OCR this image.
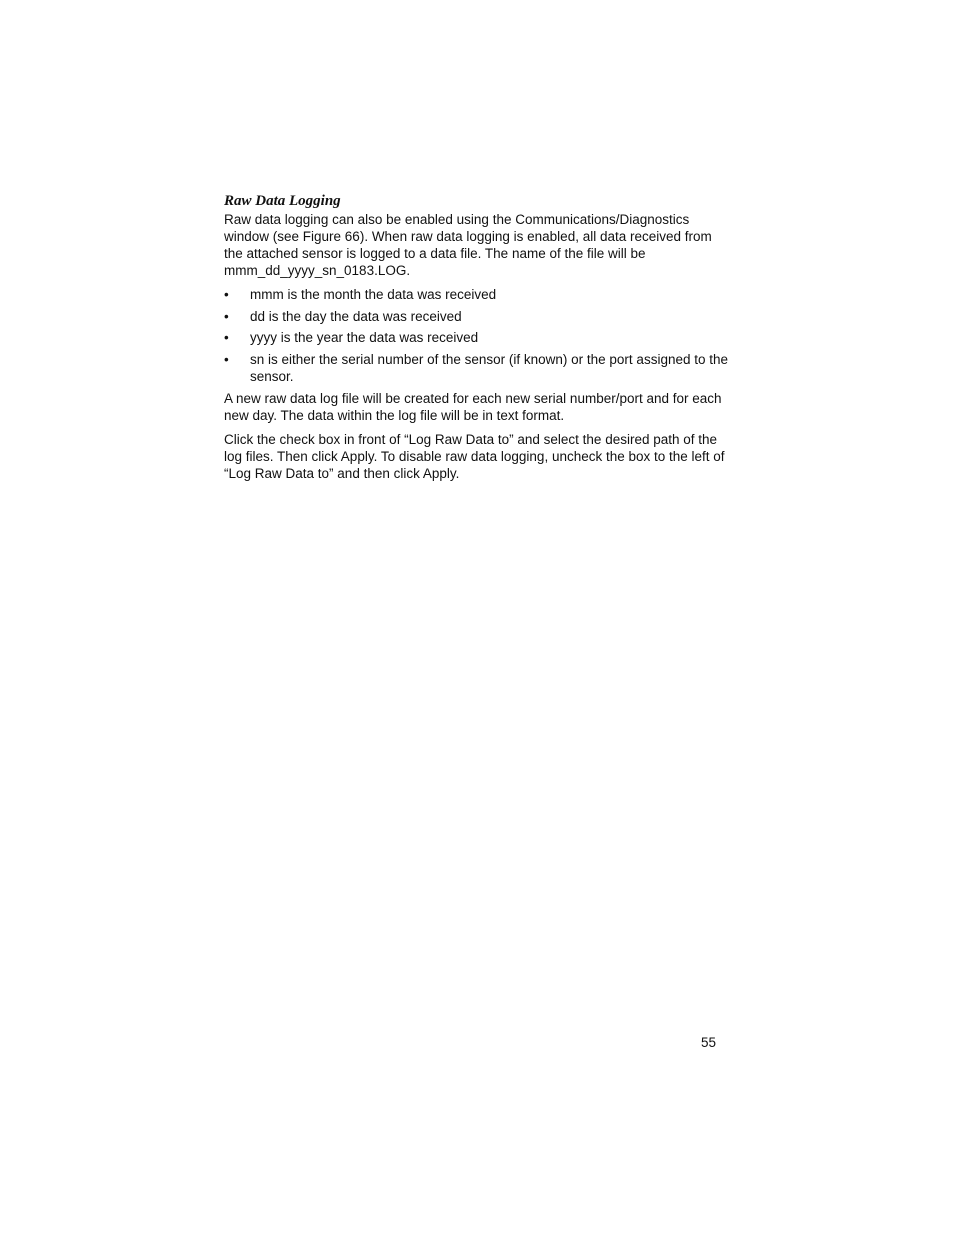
Raw Data Logging

Raw data logging can also be enabled using the Communications/Diagnostics window (see Figure 66). When raw data logging is enabled, all data received from the attached sensor is logged to a data file. The name of the file will be mmm_dd_yyyy_sn_0183.LOG.

•	mmm is the month the data was received
•	dd is the day the data was received
•	yyyy is the year the data was received
•	sn is either the serial number of the sensor (if known) or the port assigned to the sensor.

A new raw data log file will be created for each new serial number/port and for each new day. The data within the log file will be in text format.

Click the check box in front of “Log Raw Data to” and select the desired path of the log files. Then click Apply. To disable raw data logging, uncheck the box to the left of “Log Raw Data to” and then click Apply.

55
